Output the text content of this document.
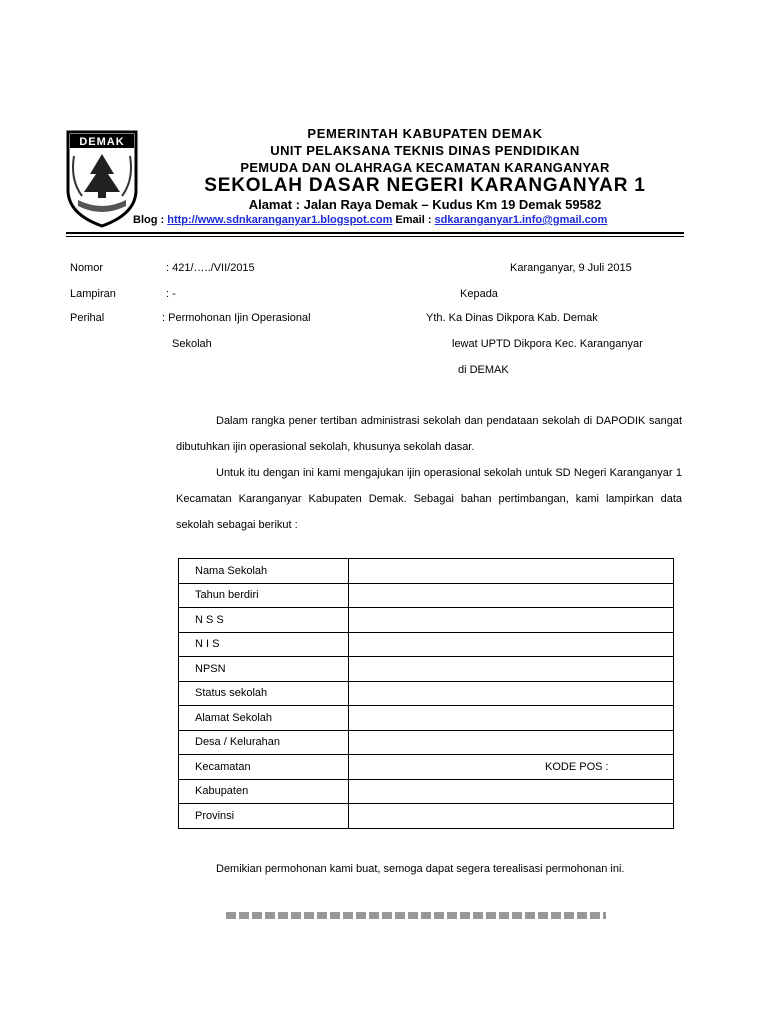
DEMAK
PEMERINTAH KABUPATEN DEMAK
UNIT PELAKSANA TEKNIS DINAS PENDIDIKAN
PEMUDA DAN OLAHRAGA KECAMATAN KARANGANYAR
SEKOLAH DASAR NEGERI KARANGANYAR 1
Alamat : Jalan Raya Demak – Kudus Km 19 Demak 59582
Blog : http://www.sdnkaranganyar1.blogspot.com Email : sdkaranganyar1.info@gmail.com
Nomor	: 421/…../VII/2015	Karanganyar, 9 Juli 2015
Lampiran	: -	Kepada
Perihal	: Permohonan Ijin Operasional	Yth. Ka Dinas Dikpora Kab. Demak
Sekolah	lewat UPTD Dikpora Kec. Karanganyar
di DEMAK
Dalam rangka pener tertiban administrasi sekolah dan pendataan sekolah di DAPODIK sangat dibutuhkan ijin operasional sekolah, khusunya sekolah dasar.
Untuk itu dengan ini kami mengajukan ijin operasional sekolah untuk SD Negeri Karanganyar 1 Kecamatan Karanganyar Kabupaten Demak. Sebagai bahan pertimbangan, kami lampirkan data sekolah sebagai berikut :
Nama Sekolah	
Tahun berdiri	
N S S	
N I S	
NPSN	
Status sekolah	
Alamat Sekolah	
Desa / Kelurahan	
Kecamatan	KODE POS :

Kabupaten	
Provinsi	
Demikian permohonan kami buat, semoga dapat segera terealisasi permohonan ini.
